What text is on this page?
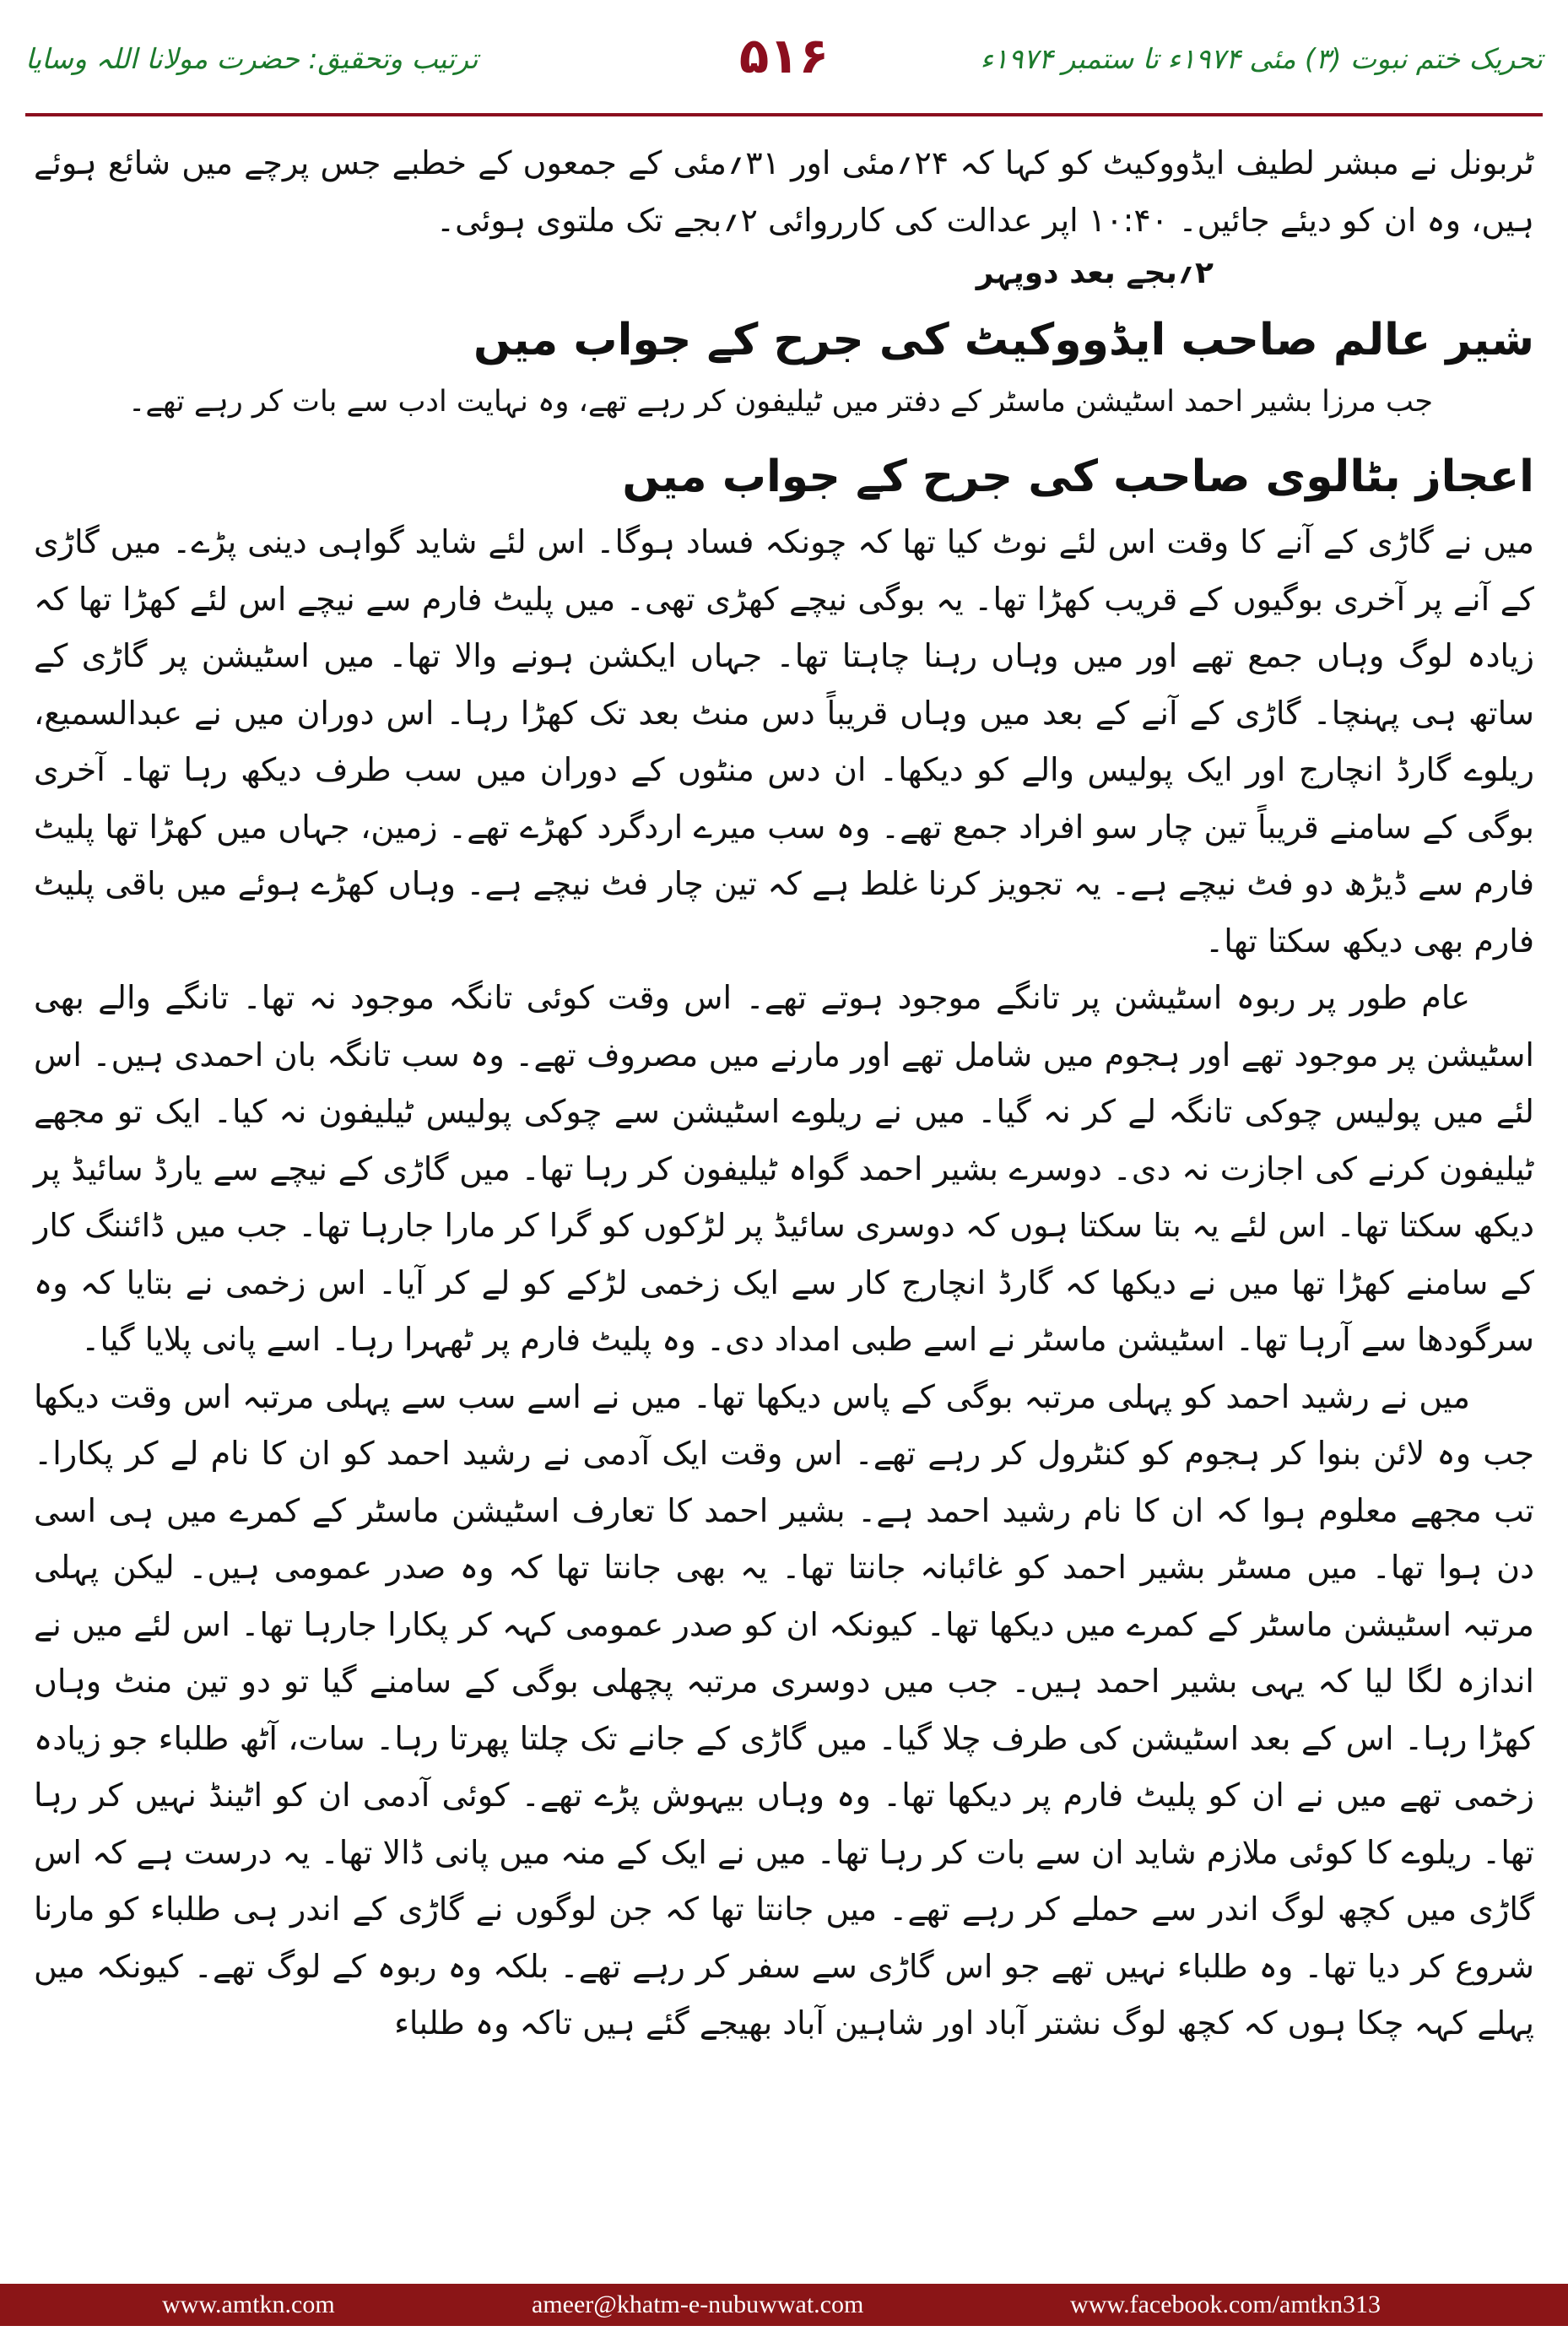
تحریک ختم نبوت (۳) مئی ۱۹۷۴ء تا ستمبر ۱۹۷۴ء
۵۱۶
ترتیب وتحقیق: حضرت مولانا اللہ وسایا

ٹربونل نے مبشر لطیف ایڈووکیٹ کو کہا کہ ۲۴؍مئی اور ۳۱؍مئی کے جمعوں کے خطبے جس پرچے میں شائع ہوئے ہیں، وہ ان کو دیئے جائیں۔ ۱۰:۴۰ اپر عدالت کی کارروائی ۲؍بجے تک ملتوی ہوئی۔

۲؍بجے بعد دوپہر

شیر عالم صاحب ایڈووکیٹ کی جرح کے جواب میں

جب مرزا بشیر احمد اسٹیشن ماسٹر کے دفتر میں ٹیلیفون کر رہے تھے، وہ نہایت ادب سے بات کر رہے تھے۔

اعجاز بٹالوی صاحب کی جرح کے جواب میں

میں نے گاڑی کے آنے کا وقت اس لئے نوٹ کیا تھا کہ چونکہ فساد ہوگا۔ اس لئے شاید گواہی دینی پڑے۔ میں گاڑی کے آنے پر آخری بوگیوں کے قریب کھڑا تھا۔ یہ بوگی نیچے کھڑی تھی۔ میں پلیٹ فارم سے نیچے اس لئے کھڑا تھا کہ زیادہ لوگ وہاں جمع تھے اور میں وہاں رہنا چاہتا تھا۔ جہاں ایکشن ہونے والا تھا۔ میں اسٹیشن پر گاڑی کے ساتھ ہی پہنچا۔ گاڑی کے آنے کے بعد میں وہاں قریباً دس منٹ بعد تک کھڑا رہا۔ اس دوران میں نے عبدالسمیع، ریلوے گارڈ انچارج اور ایک پولیس والے کو دیکھا۔ ان دس منٹوں کے دوران میں سب طرف دیکھ رہا تھا۔ آخری بوگی کے سامنے قریباً تین چار سو افراد جمع تھے۔ وہ سب میرے اردگرد کھڑے تھے۔ زمین، جہاں میں کھڑا تھا پلیٹ فارم سے ڈیڑھ دو فٹ نیچے ہے۔ یہ تجویز کرنا غلط ہے کہ تین چار فٹ نیچے ہے۔ وہاں کھڑے ہوئے میں باقی پلیٹ فارم بھی دیکھ سکتا تھا۔

عام طور پر ربوہ اسٹیشن پر تانگے موجود ہوتے تھے۔ اس وقت کوئی تانگہ موجود نہ تھا۔ تانگے والے بھی اسٹیشن پر موجود تھے اور ہجوم میں شامل تھے اور مارنے میں مصروف تھے۔ وہ سب تانگہ بان احمدی ہیں۔ اس لئے میں پولیس چوکی تانگہ لے کر نہ گیا۔ میں نے ریلوے اسٹیشن سے چوکی پولیس ٹیلیفون نہ کیا۔ ایک تو مجھے ٹیلیفون کرنے کی اجازت نہ دی۔ دوسرے بشیر احمد گواہ ٹیلیفون کر رہا تھا۔ میں گاڑی کے نیچے سے یارڈ سائیڈ پر دیکھ سکتا تھا۔ اس لئے یہ بتا سکتا ہوں کہ دوسری سائیڈ پر لڑکوں کو گرا کر مارا جارہا تھا۔ جب میں ڈائننگ کار کے سامنے کھڑا تھا میں نے دیکھا کہ گارڈ انچارج کار سے ایک زخمی لڑکے کو لے کر آیا۔ اس زخمی نے بتایا کہ وہ سرگودھا سے آرہا تھا۔ اسٹیشن ماسٹر نے اسے طبی امداد دی۔ وہ پلیٹ فارم پر ٹھہرا رہا۔ اسے پانی پلایا گیا۔

میں نے رشید احمد کو پہلی مرتبہ بوگی کے پاس دیکھا تھا۔ میں نے اسے سب سے پہلی مرتبہ اس وقت دیکھا جب وہ لائن بنوا کر ہجوم کو کنٹرول کر رہے تھے۔ اس وقت ایک آدمی نے رشید احمد کو ان کا نام لے کر پکارا۔ تب مجھے معلوم ہوا کہ ان کا نام رشید احمد ہے۔ بشیر احمد کا تعارف اسٹیشن ماسٹر کے کمرے میں ہی اسی دن ہوا تھا۔ میں مسٹر بشیر احمد کو غائبانہ جانتا تھا۔ یہ بھی جانتا تھا کہ وہ صدر عمومی ہیں۔ لیکن پہلی مرتبہ اسٹیشن ماسٹر کے کمرے میں دیکھا تھا۔ کیونکہ ان کو صدر عمومی کہہ کر پکارا جارہا تھا۔ اس لئے میں نے اندازہ لگا لیا کہ یہی بشیر احمد ہیں۔ جب میں دوسری مرتبہ پچھلی بوگی کے سامنے گیا تو دو تین منٹ وہاں کھڑا رہا۔ اس کے بعد اسٹیشن کی طرف چلا گیا۔ میں گاڑی کے جانے تک چلتا پھرتا رہا۔ سات، آٹھ طلباء جو زیادہ زخمی تھے میں نے ان کو پلیٹ فارم پر دیکھا تھا۔ وہ وہاں بیہوش پڑے تھے۔ کوئی آدمی ان کو اٹینڈ نہیں کر رہا تھا۔ ریلوے کا کوئی ملازم شاید ان سے بات کر رہا تھا۔ میں نے ایک کے منہ میں پانی ڈالا تھا۔ یہ درست ہے کہ اس گاڑی میں کچھ لوگ اندر سے حملے کر رہے تھے۔ میں جانتا تھا کہ جن لوگوں نے گاڑی کے اندر ہی طلباء کو مارنا شروع کر دیا تھا۔ وہ طلباء نہیں تھے جو اس گاڑی سے سفر کر رہے تھے۔ بلکہ وہ ربوہ کے لوگ تھے۔ کیونکہ میں پہلے کہہ چکا ہوں کہ کچھ لوگ نشتر آباد اور شاہین آباد بھیجے گئے ہیں تاکہ وہ طلباء

www.amtkn.com	ameer@khatm-e-nubuwwat.com	www.facebook.com/amtkn313
